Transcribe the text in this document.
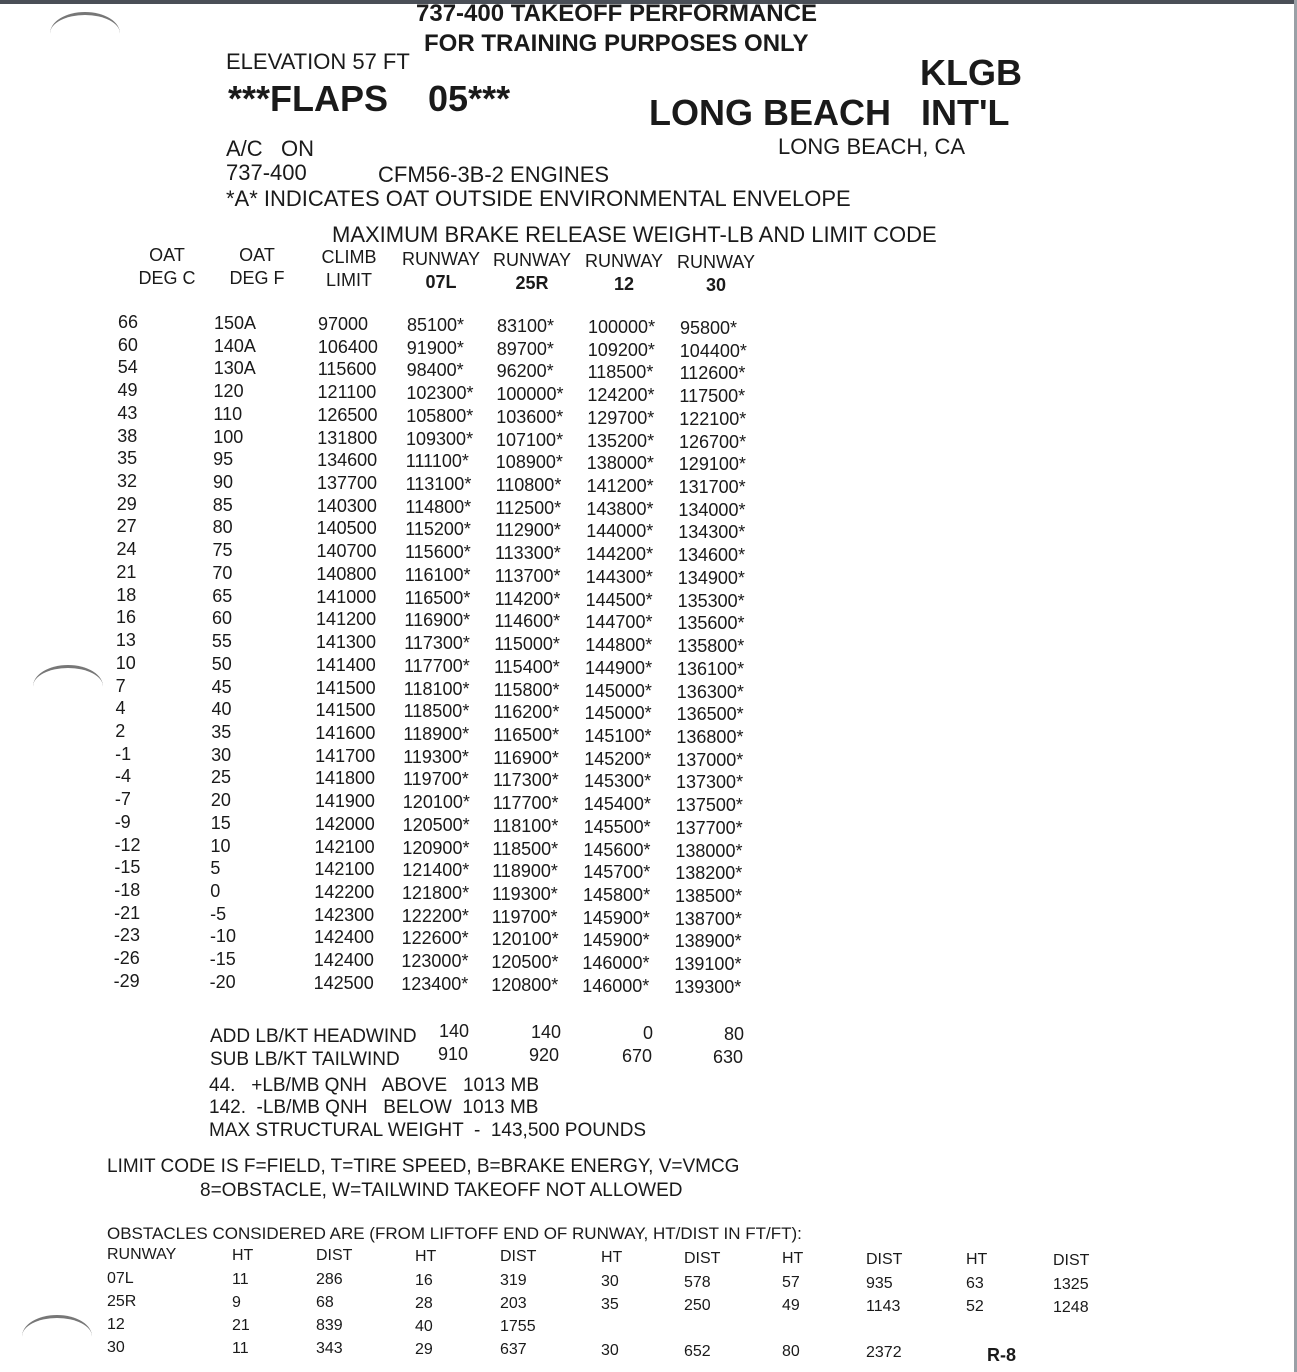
737-400 TAKEOFF PERFORMANCE
FOR TRAINING PURPOSES ONLY
ELEVATION 57 FT
***FLAPS    05***
KLGB
LONG BEACH   INT'L
LONG BEACH, CA
A/C   ON
737-400	CFM56-3B-2 ENGINES
*A* INDICATES OAT OUTSIDE ENVIRONMENTAL ENVELOPE
MAXIMUM BRAKE RELEASE WEIGHT-LB AND LIMIT CODE
OAT
DEG C
OAT
DEG F
CLIMB
LIMIT
RUNWAY
07L
RUNWAY
25R
RUNWAY
12
RUNWAY
30
66	150A	97000 85100* 83100* 100000* 95800*
60	140A	106400 91900* 89700* 109200* 104400*
54	130A	115600 98400* 96200* 118500* 112600*
49	120	121100 102300* 100000* 124200* 117500*
43	110	126500 105800* 103600* 129700* 122100*
38	100	131800 109300* 107100* 135200* 126700*
35	95	134600 111100* 108900* 138000* 129100*
32	90	137700 113100* 110800* 141200* 131700*
29	85	140300 114800* 112500* 143800* 134000*
27	80	140500 115200* 112900* 144000* 134300*
24	75	140700 115600* 113300* 144200* 134600*
21	70	140800 116100* 113700* 144300* 134900*
18	65	141000 116500* 114200* 144500* 135300*
16	60	141200 116900* 114600* 144700* 135600*
13	55	141300 117300* 115000* 144800* 135800*
10	50	141400 117700* 115400* 144900* 136100*
7	45	141500 118100* 115800* 145000* 136300*
4	40	141500 118500* 116200* 145000* 136500*
2	35	141600 118900* 116500* 145100* 136800*
-1	30	141700 119300* 116900* 145200* 137000*
-4	25	141800 119700* 117300* 145300* 137300*
-7	20	141900 120100* 117700* 145400* 137500*
-9	15	142000 120500* 118100* 145500* 137700*
-12	10	142100 120900* 118500* 145600* 138000*
-15	5	142100 121400* 118900* 145700* 138200*
-18	0	142200 121800* 119300* 145800* 138500*
-21	-5	142300 122200* 119700* 145900* 138700*
-23	-10	142400 122600* 120100* 145900* 138900*
-26	-15	142400 123000* 120500* 146000* 139100*
-29	-20	142500 123400* 120800* 146000* 139300*
ADD LB/KT HEADWIND 140	140	0	80
SUB LB/KT TAILWIND 910	920	670	630
44.   +LB/MB QNH   ABOVE   1013 MB
142.  -LB/MB QNH   BELOW  1013 MB
MAX STRUCTURAL WEIGHT  -  143,500 POUNDS
LIMIT CODE IS F=FIELD, T=TIRE SPEED, B=BRAKE ENERGY, V=VMCG
8=OBSTACLE, W=TAILWIND TAKEOFF NOT ALLOWED
OBSTACLES CONSIDERED ARE (FROM LIFTOFF END OF RUNWAY, HT/DIST IN FT/FT):
RUNWAY	HT	DIST	HT	DIST	HT	DIST	HT	DIST	HT	DIST
07L	11	286	16	319	30	578	57	935	63	1325
25R	9	68	28	203	35	250	49	1143	52	1248
12	21	839	40	1755
30	11	343	29	637	30	652	80	2372	R-8
